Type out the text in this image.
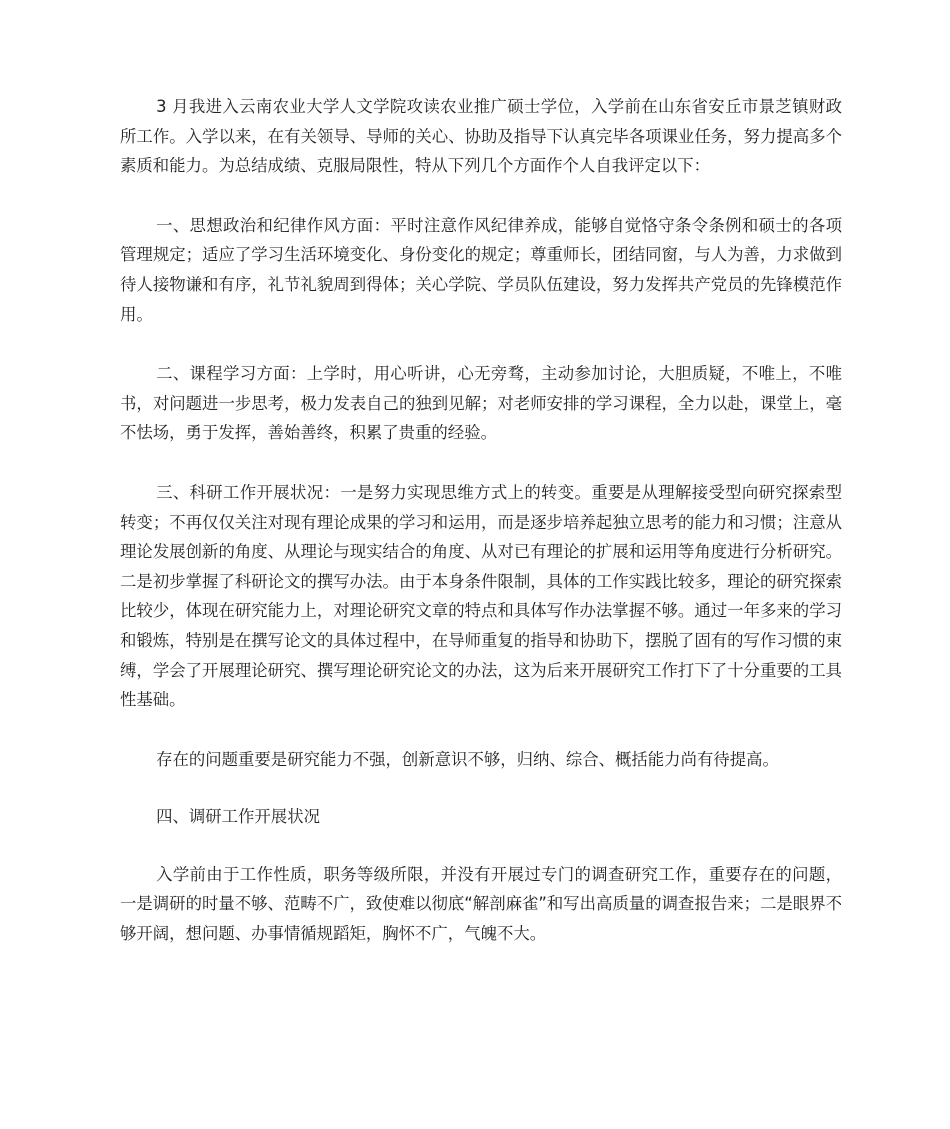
3 月我进入云南农业大学人文学院攻读农业推广硕士学位，入学前在山东省安丘市景芝镇财政所工作。入学以来，在有关领导、导师的关心、协助及指导下认真完毕各项课业任务，努力提高多个素质和能力。为总结成绩、克服局限性，特从下列几个方面作个人自我评定以下：

一、思想政治和纪律作风方面：平时注意作风纪律养成，能够自觉恪守条令条例和硕士的各项管理规定；适应了学习生活环境变化、身份变化的规定；尊重师长，团结同窗，与人为善，力求做到待人接物谦和有序，礼节礼貌周到得体；关心学院、学员队伍建设，努力发挥共产党员的先锋模范作用。

二、课程学习方面：上学时，用心听讲，心无旁骛，主动参加讨论，大胆质疑，不唯上，不唯书，对问题进一步思考，极力发表自己的独到见解；对老师安排的学习课程，全力以赴，课堂上，毫不怯场，勇于发挥，善始善终，积累了贵重的经验。

三、科研工作开展状况：一是努力实现思维方式上的转变。重要是从理解接受型向研究探索型转变；不再仅仅关注对现有理论成果的学习和运用，而是逐步培养起独立思考的能力和习惯；注意从理论发展创新的角度、从理论与现实结合的角度、从对已有理论的扩展和运用等角度进行分析研究。二是初步掌握了科研论文的撰写办法。由于本身条件限制，具体的工作实践比较多，理论的研究探索比较少，体现在研究能力上，对理论研究文章的特点和具体写作办法掌握不够。通过一年多来的学习和锻炼，特别是在撰写论文的具体过程中，在导师重复的指导和协助下，摆脱了固有的写作习惯的束缚，学会了开展理论研究、撰写理论研究论文的办法，这为后来开展研究工作打下了十分重要的工具性基础。

存在的问题重要是研究能力不强，创新意识不够，归纳、综合、概括能力尚有待提高。

四、调研工作开展状况

入学前由于工作性质，职务等级所限，并没有开展过专门的调查研究工作，重要存在的问题，一是调研的时量不够、范畴不广，致使难以彻底“解剖麻雀”和写出高质量的调查报告来；二是眼界不够开阔，想问题、办事情循规蹈矩，胸怀不广，气魄不大。
